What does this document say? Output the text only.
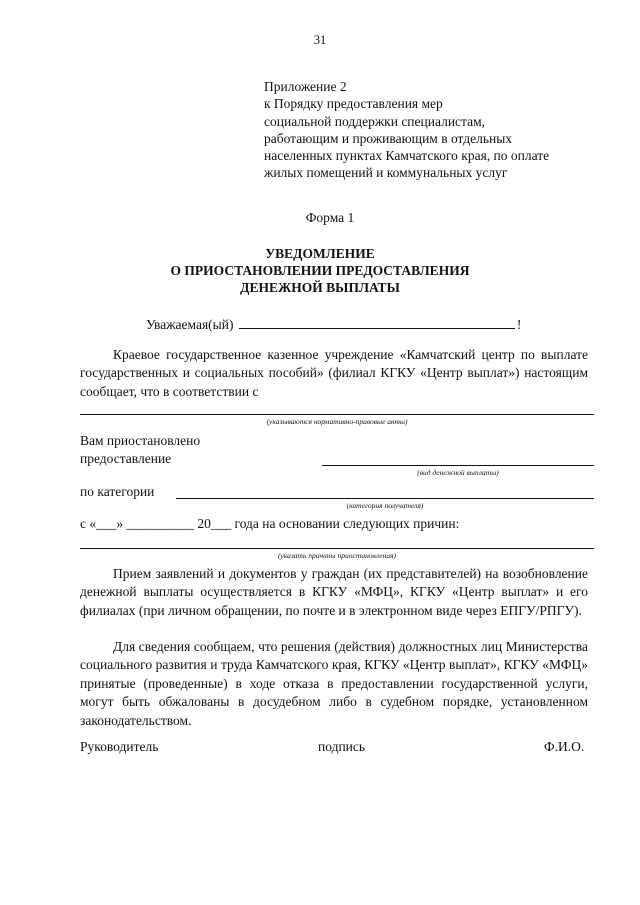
31
Приложение 2
к Порядку предоставления мер
социальной поддержки специалистам,
работающим и проживающим в отдельных
населенных пунктах Камчатского края, по оплате
жилых помещений и коммунальных услуг
Форма 1
УВЕДОМЛЕНИЕ
О ПРИОСТАНОВЛЕНИИ ПРЕДОСТАВЛЕНИЯ
ДЕНЕЖНОЙ ВЫПЛАТЫ
Уважаемая(ый)	!
Краевое государственное казенное учреждение «Камчатский центр по выплате государственных и социальных пособий» (филиал КГКУ «Центр выплат») настоящим сообщает, что в соответствии с
(указываются нормативно-правовые акты)
Вам приостановлено
предоставление
(вид денежной выплаты)
по категории
(категория получателя)
с «___» __________ 20___ года на основании следующих причин:
(указать причины приостановления)
Прием заявлений и документов у граждан (их представителей) на возобновление денежной выплаты осуществляется в КГКУ «МФЦ», КГКУ «Центр выплат» и его филиалах (при личном обращении, по почте и в электронном виде через ЕПГУ/РПГУ).
Для сведения сообщаем, что решения (действия) должностных лиц Министерства социального развития и труда Камчатского края, КГКУ «Центр выплат», КГКУ «МФЦ» принятые (проведенные) в ходе отказа в предоставлении государственной услуги, могут быть обжалованы в досудебном либо в судебном порядке, установленном законодательством.
Руководитель	подпись	Ф.И.О.
